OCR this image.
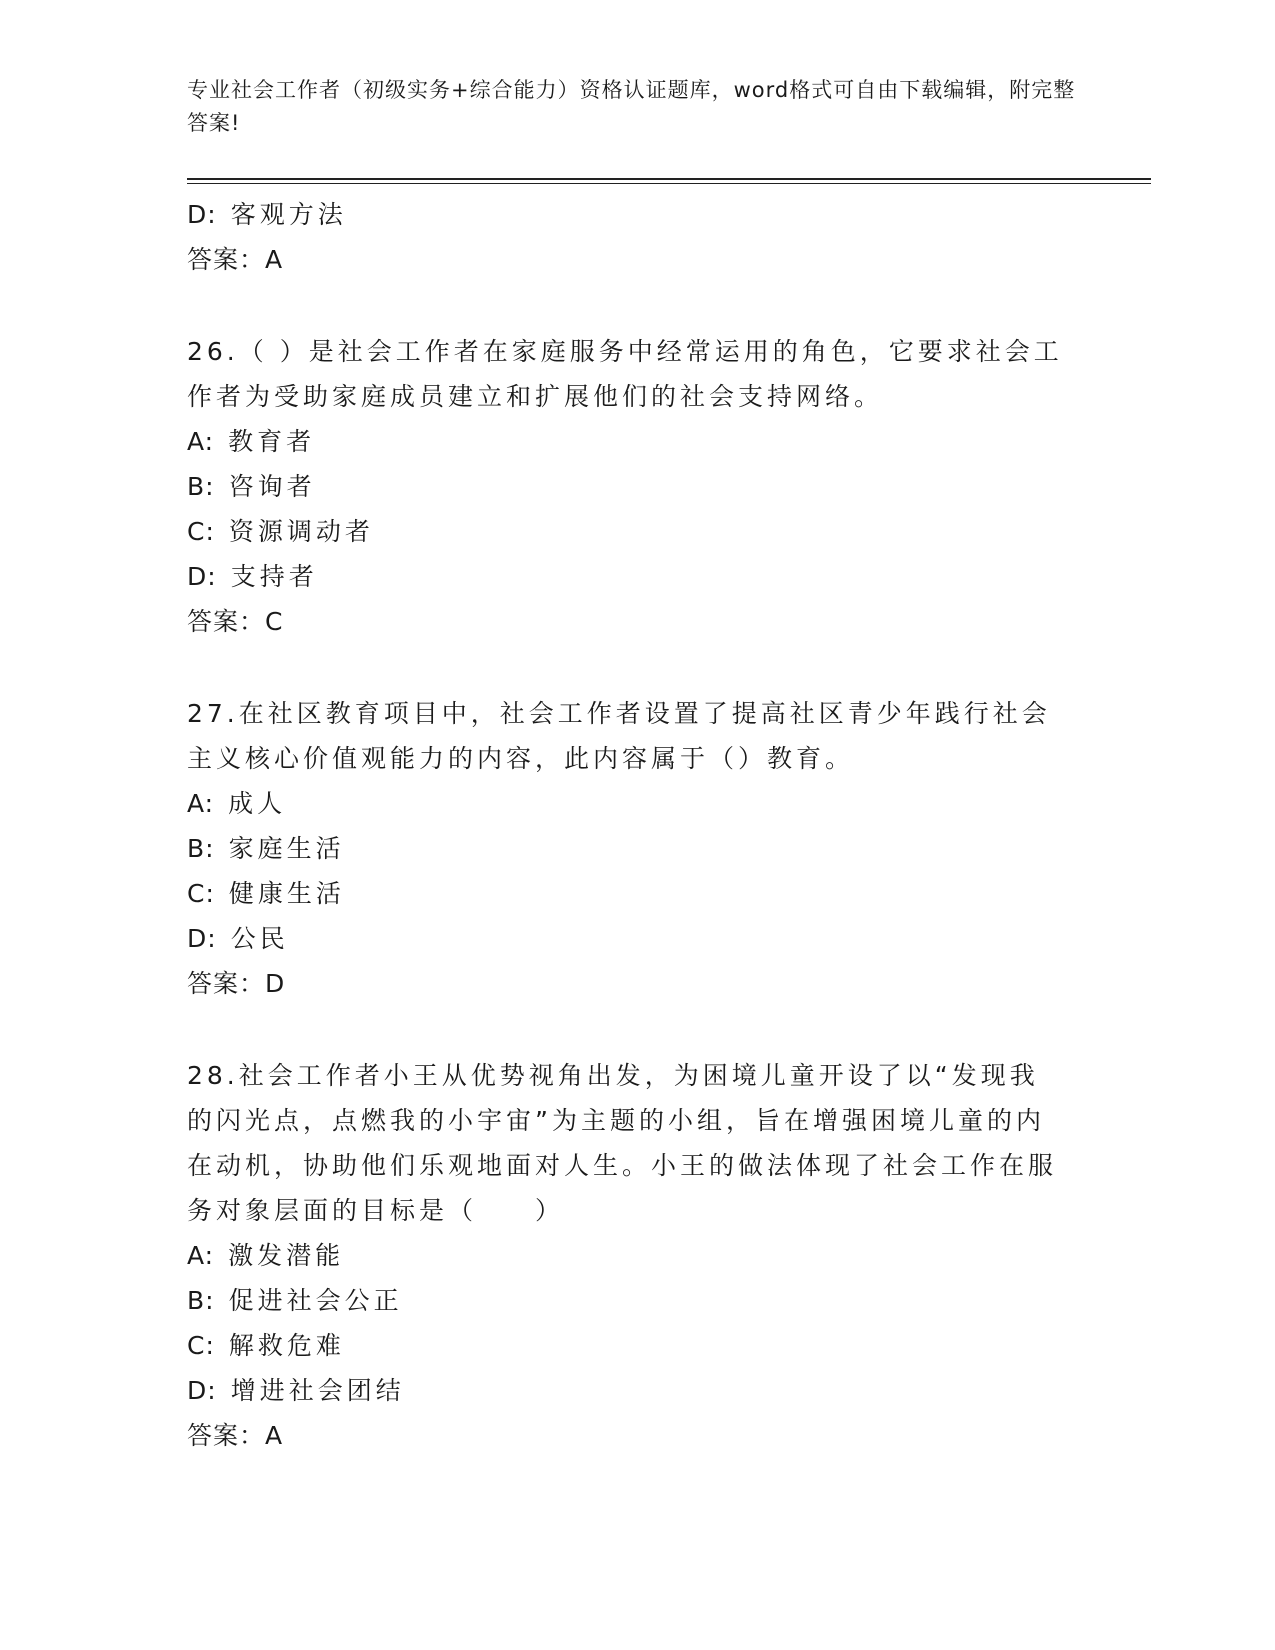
专业社会工作者（初级实务+综合能力）资格认证题库，word格式可自由下载编辑，附完整答案!
D: 客观方法
答案：A
26.（ ）是社会工作者在家庭服务中经常运用的角色，它要求社会工作者为受助家庭成员建立和扩展他们的社会支持网络。
A: 教育者
B: 咨询者
C: 资源调动者
D: 支持者
答案：C
27.在社区教育项目中，社会工作者设置了提高社区青少年践行社会主义核心价值观能力的内容，此内容属于（）教育。
A: 成人
B: 家庭生活
C: 健康生活
D: 公民
答案：D
28.社会工作者小王从优势视角出发，为困境儿童开设了以“发现我的闪光点，点燃我的小宇宙”为主题的小组，旨在增强困境儿童的内在动机，协助他们乐观地面对人生。小王的做法体现了社会工作在服务对象层面的目标是（　　）
A: 激发潜能
B: 促进社会公正
C: 解救危难
D: 增进社会团结
答案：A
